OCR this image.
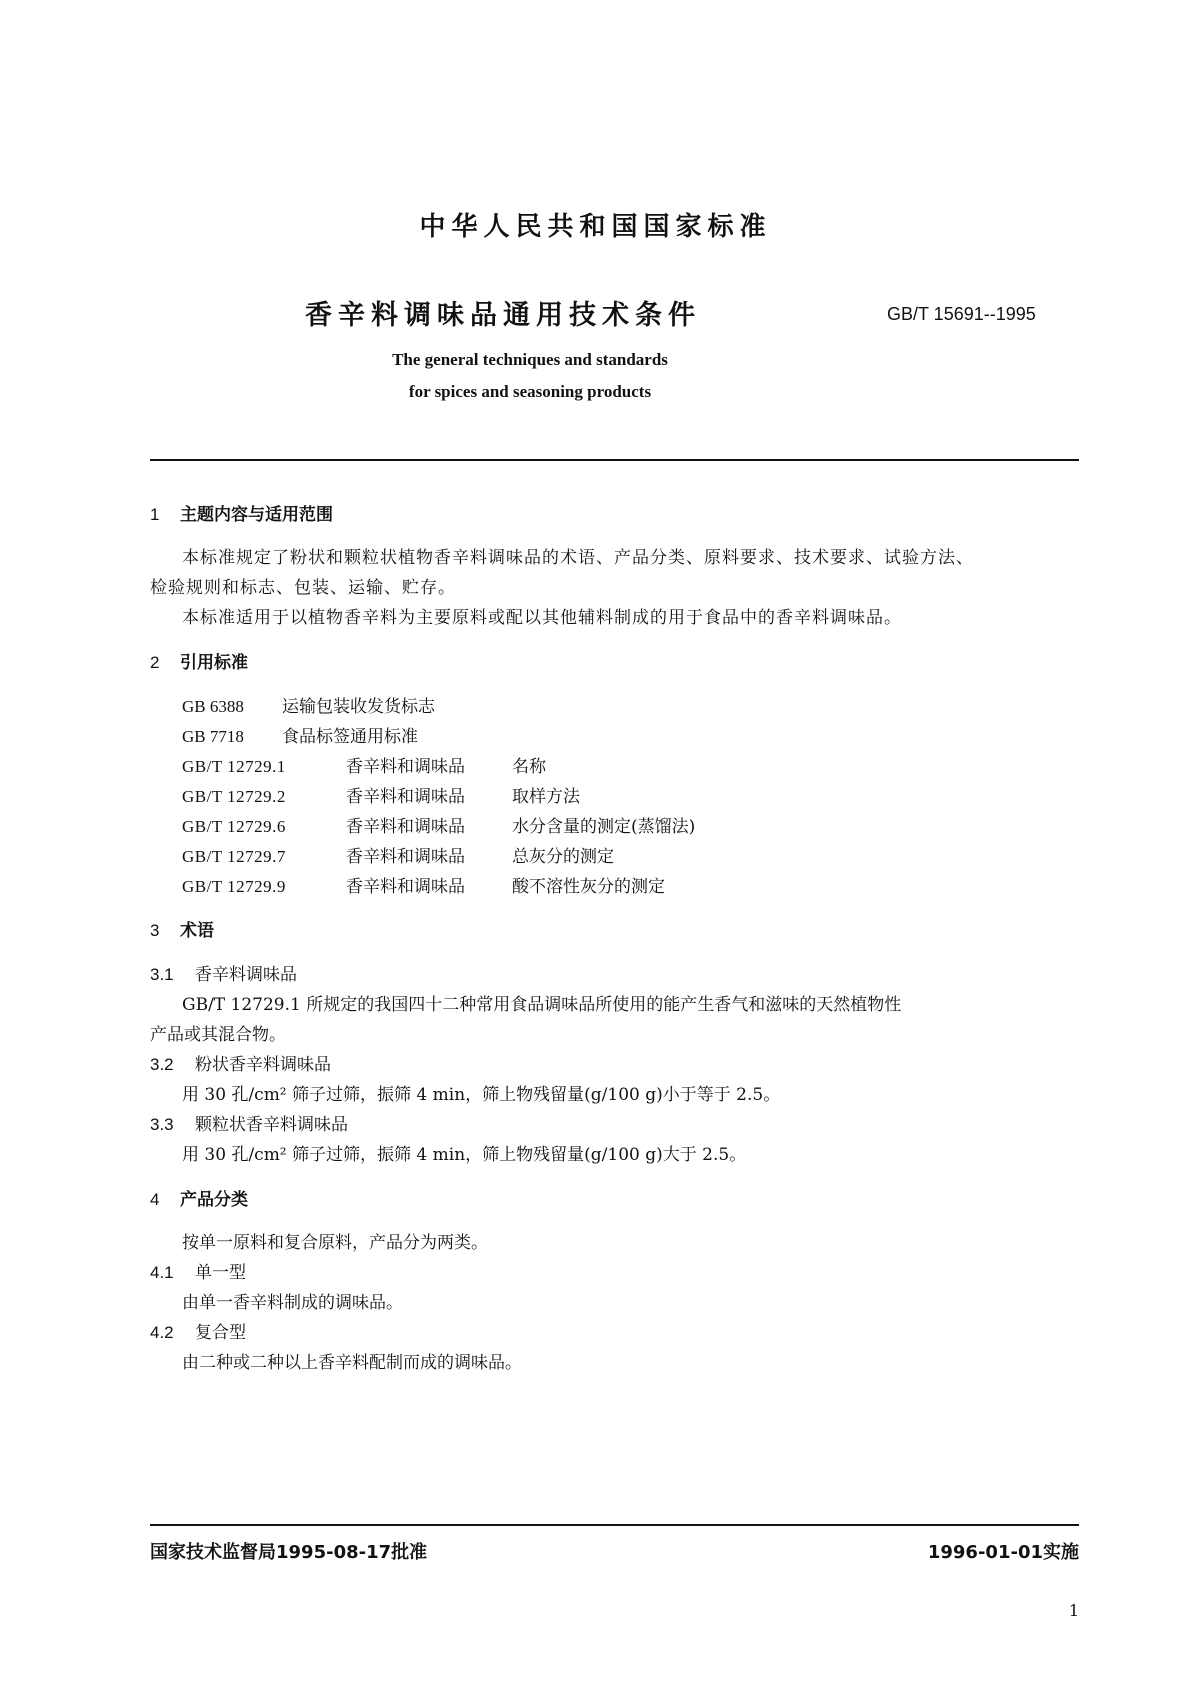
中华人民共和国国家标准
香辛料调味品通用技术条件	GB/T 15691--1995
The general techniques and standards
for spices and seasoning products
1 主题内容与适用范围
本标准规定了粉状和颗粒状植物香辛料调味品的术语、产品分类、原料要求、技术要求、试验方法、
检验规则和标志、包装、运输、贮存。
本标准适用于以植物香辛料为主要原料或配以其他辅料制成的用于食品中的香辛料调味品。
2 引用标准
GB 6388 运输包装收发货标志
GB 7718 食品标签通用标准
GB/T 12729.1	香辛料和调味品	名称
GB/T 12729.2	香辛料和调味品	取样方法
GB/T 12729.6	香辛料和调味品	水分含量的测定(蒸馏法)
GB/T 12729.7	香辛料和调味品	总灰分的测定
GB/T 12729.9	香辛料和调味品	酸不溶性灰分的测定
3 术语
3.1 香辛料调味品
GB/T 12729.1 所规定的我国四十二种常用食品调味品所使用的能产生香气和滋味的天然植物性
产品或其混合物。
3.2 粉状香辛料调味品
用 30 孔/cm² 筛子过筛，振筛 4 min，筛上物残留量(g/100 g)小于等于 2.5。
3.3 颗粒状香辛料调味品
用 30 孔/cm² 筛子过筛，振筛 4 min，筛上物残留量(g/100 g)大于 2.5。
4 产品分类
按单一原料和复合原料，产品分为两类。
4.1 单一型
由单一香辛料制成的调味品。
4.2 复合型
由二种或二种以上香辛料配制而成的调味品。
国家技术监督局1995-08-17批准	1996-01-01实施
1
